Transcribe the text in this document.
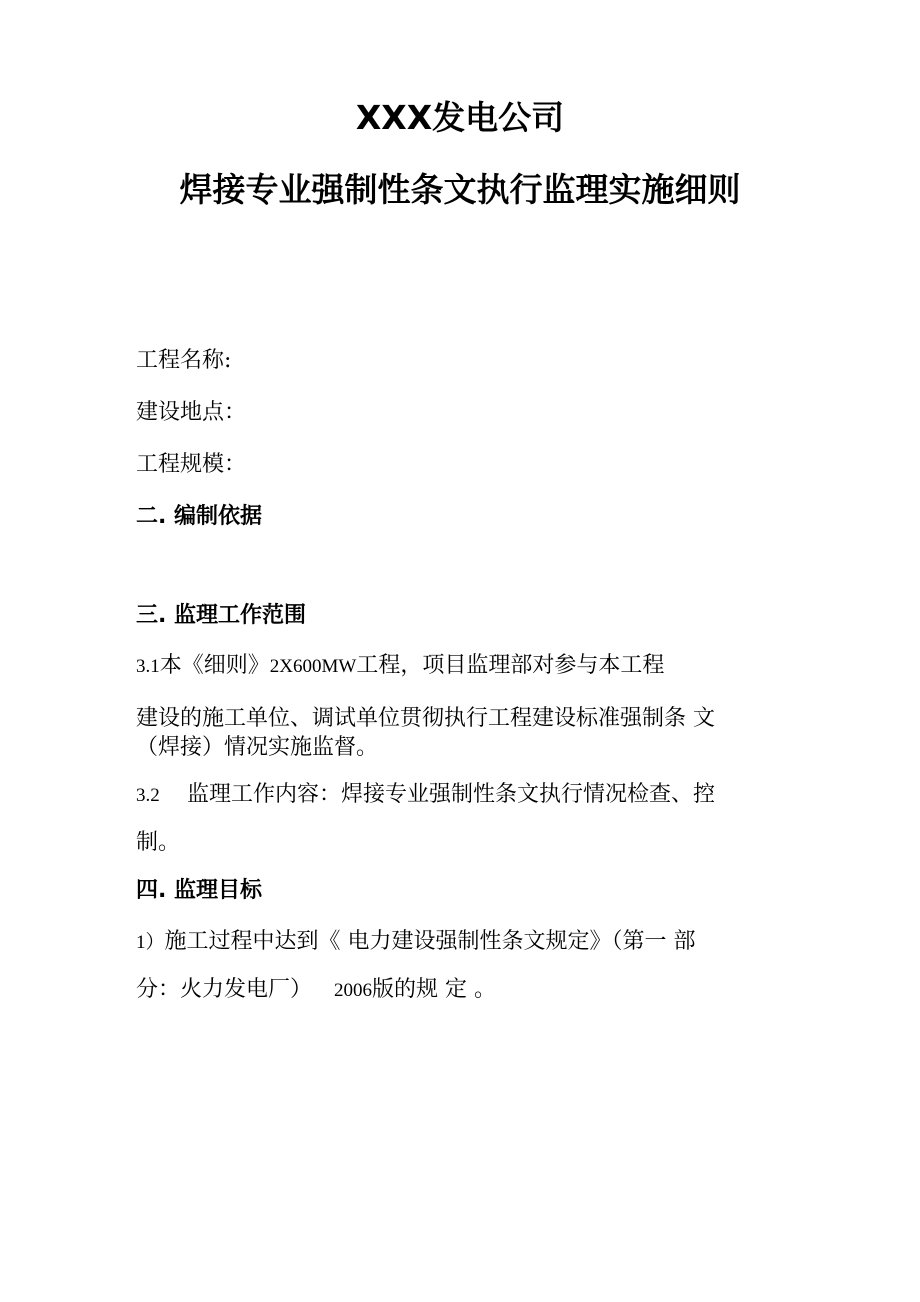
XXX发电公司
焊接专业强制性条文执行监理实施细则
工程名称:
建设地点：
工程规模：
二. 编制依据
三. 监理工作范围
3.1本《细则》2X600MW工程，项目监理部对参与本工程
建设的施工单位、调试单位贯彻执行工程建设标准强制条 文
（焊接）情况实施监督。
3.2 监理工作内容：焊接专业强制性条文执行情况检查、控
制。
四. 监理目标
1）施工过程中达到《 电力建设强制性条文规定》（第一 部
分：火力发电厂） 2006版的规 定 。
